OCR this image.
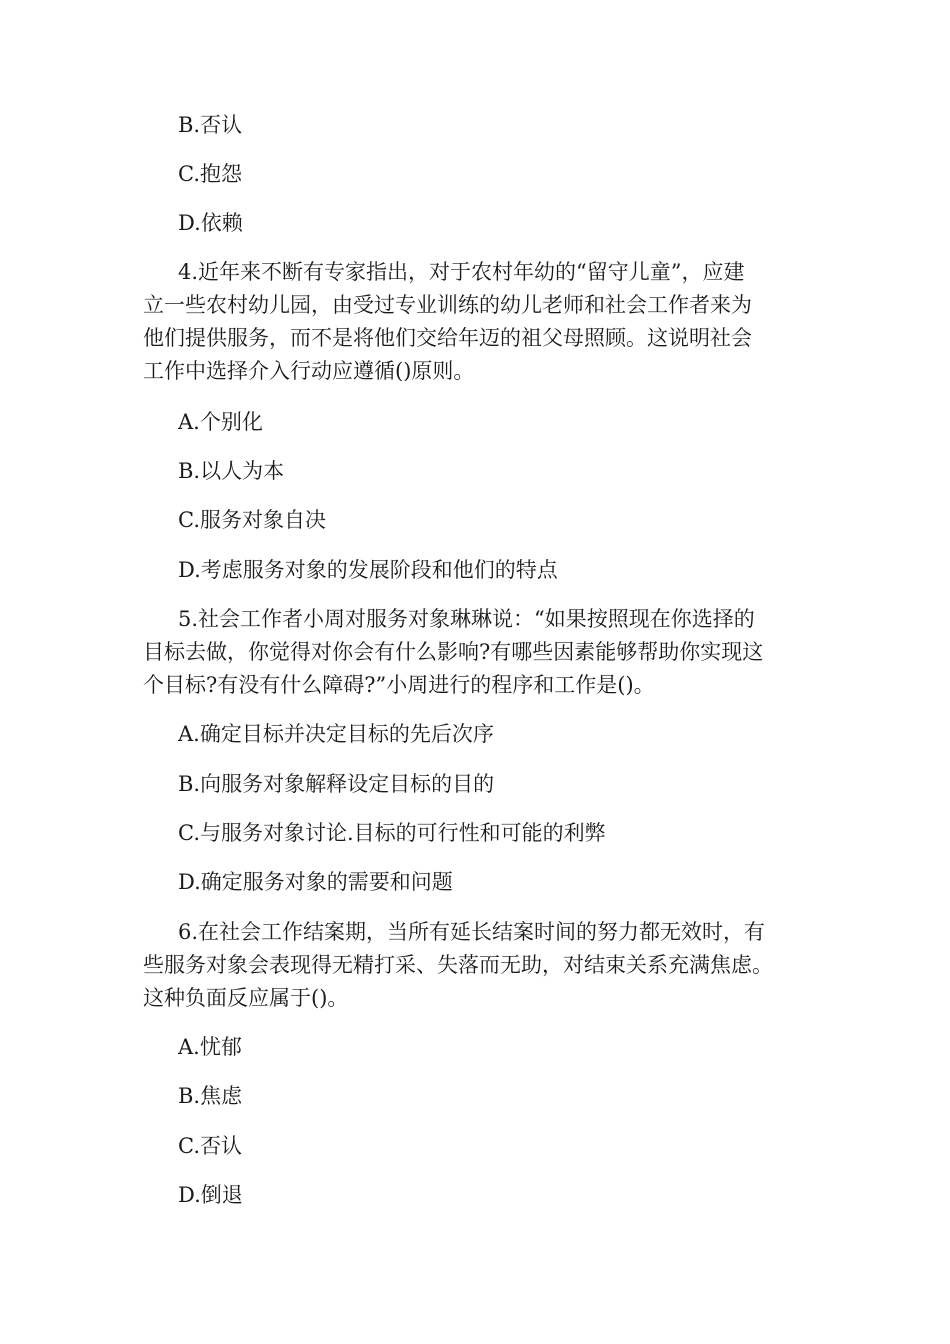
B.否认
C.抱怨
D.依赖
4.近年来不断有专家指出，对于农村年幼的“留守儿童”，应建
立一些农村幼儿园，由受过专业训练的幼儿老师和社会工作者来为
他们提供服务，而不是将他们交给年迈的祖父母照顾。这说明社会
工作中选择介入行动应遵循()原则。
A.个别化
B.以人为本
C.服务对象自决
D.考虑服务对象的发展阶段和他们的特点
5.社会工作者小周对服务对象琳琳说：“如果按照现在你选择的
目标去做，你觉得对你会有什么影响?有哪些因素能够帮助你实现这
个目标?有没有什么障碍?”小周进行的程序和工作是()。
A.确定目标并决定目标的先后次序
B.向服务对象解释设定目标的目的
C.与服务对象讨论.目标的可行性和可能的利弊
D.确定服务对象的需要和问题
6.在社会工作结案期，当所有延长结案时间的努力都无效时，有
些服务对象会表现得无精打采、失落而无助，对结束关系充满焦虑。
这种负面反应属于()。
A.忧郁
B.焦虑
C.否认
D.倒退
